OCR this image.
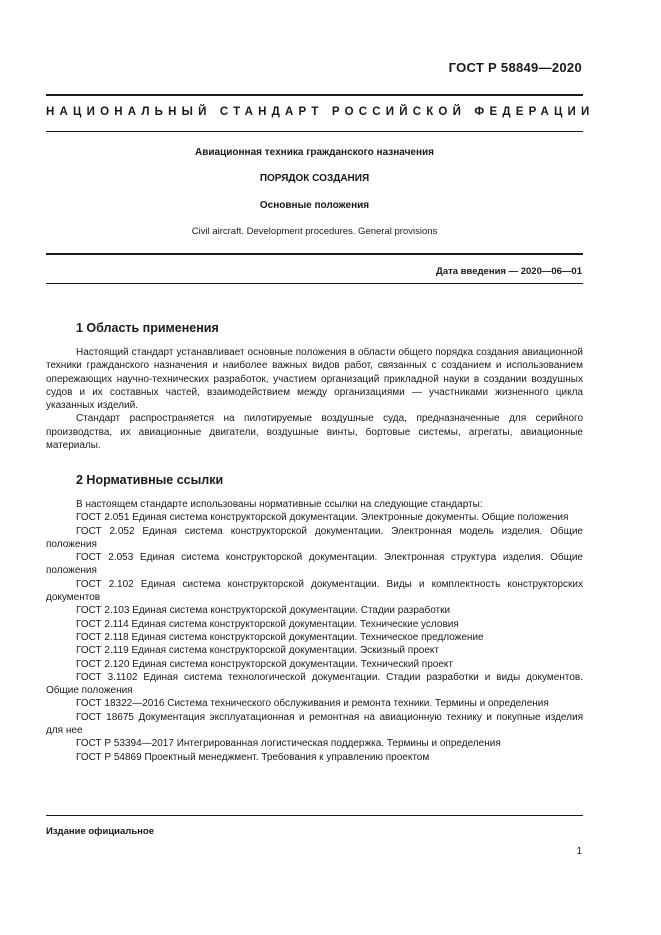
ГОСТ Р 58849—2020
НАЦИОНАЛЬНЫЙ СТАНДАРТ РОССИЙСКОЙ ФЕДЕРАЦИИ
Авиационная техника гражданского назначения
ПОРЯДОК СОЗДАНИЯ
Основные положения
Civil aircraft. Development procedures. General provisions
Дата введения — 2020—06—01
1 Область применения

Настоящий стандарт устанавливает основные положения в области общего порядка создания авиационной техники гражданского назначения и наиболее важных видов работ, связанных с созданием и использованием опережающих научно-технических разработок, участием организаций прикладной науки в создании воздушных судов и их составных частей, взаимодействием между организациями — участниками жизненного цикла указанных изделий.

Стандарт распространяется на пилотируемые воздушные суда, предназначенные для серийного производства, их авиационные двигатели, воздушные винты, бортовые системы, агрегаты, авиационные материалы.

2 Нормативные ссылки

В настоящем стандарте использованы нормативные ссылки на следующие стандарты:

ГОСТ 2.051 Единая система конструкторской документации. Электронные документы. Общие положения

ГОСТ 2.052 Единая система конструкторской документации. Электронная модель изделия. Общие положения

ГОСТ 2.053 Единая система конструкторской документации. Электронная структура изделия. Общие положения

ГОСТ 2.102 Единая система конструкторской документации. Виды и комплектность конструкторских документов

ГОСТ 2.103 Единая система конструкторской документации. Стадии разработки

ГОСТ 2.114 Единая система конструкторской документации. Технические условия

ГОСТ 2.118 Единая система конструкторской документации. Техническое предложение

ГОСТ 2.119 Единая система конструкторской документации. Эскизный проект

ГОСТ 2.120 Единая система конструкторской документации. Технический проект

ГОСТ 3.1102 Единая система технологической документации. Стадии разработки и виды документов. Общие положения

ГОСТ 18322—2016 Система технического обслуживания и ремонта техники. Термины и определения

ГОСТ 18675 Документация эксплуатационная и ремонтная на авиационную технику и покупные изделия для нее

ГОСТ Р 53394—2017 Интегрированная логистическая поддержка. Термины и определения

ГОСТ Р 54869 Проектный менеджмент. Требования к управлению проектом

Издание официальное
1
